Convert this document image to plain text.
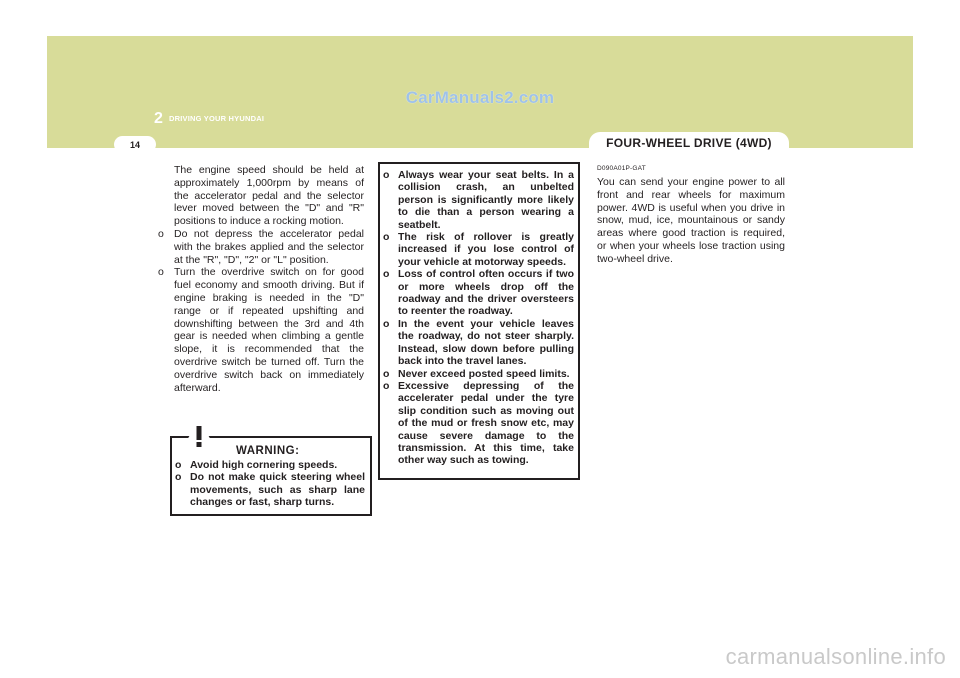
CarManuals2.com
2 DRIVING YOUR HYUNDAI
14	FOUR-WHEEL DRIVE (4WD)

The engine speed should be held at approximately 1,000rpm by means of the accelerator pedal and the selector lever moved between the "D" and "R" positions to induce a rocking motion.

o Do not depress the accelerator pedal with the brakes applied and the selector at the "R", "D", "2" or "L" position.
o Turn the overdrive switch on for good fuel economy and smooth driving. But if engine braking is needed in the "D" range or if repeated upshifting and downshifting between the 3rd and 4th gear is needed when climbing a gentle slope, it is recommended that the overdrive switch be turned off. Turn the overdrive switch back on immediately afterward.
WARNING:
o Avoid high cornering speeds.
o Do not make quick steering wheel movements, such as sharp lane changes or fast, sharp turns.
o Always wear your seat belts. In a collision crash, an unbelted person is significantly more likely to die than a person wearing a seatbelt.
o The risk of rollover is greatly increased if you lose control of your vehicle at motorway speeds.
o Loss of control often occurs if two or more wheels drop off the roadway and the driver oversteers to reenter the roadway.
o In the event your vehicle leaves the roadway, do not steer sharply. Instead, slow down before pulling back into the travel lanes.
o Never exceed posted speed limits.
o Excessive depressing of the accelerater pedal under the tyre slip condition such as moving out of the mud or fresh snow etc, may cause severe damage to the transmission. At this time, take other way such as towing.
D090A01P-GAT

You can send your engine power to all front and rear wheels for maximum power. 4WD is useful when you drive in snow, mud, ice, mountainous or sandy areas where good traction is required, or when your wheels lose traction using two-wheel drive.

carmanualsonline.info
